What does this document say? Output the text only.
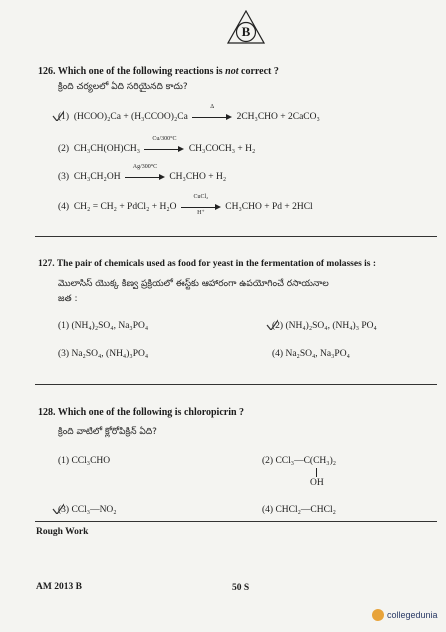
B
126. Which one of the following reactions is not correct ?
క్రింది చర్యలలో ఏది సరియైనది కాదు?
(1) (HCOO)₂Ca + (H₃CCOO)₂Ca
Δ
2CH₃CHO + 2CaCO₃
(2) CH₃CH(OH)CH₃
Cu/300°C
CH₃COCH₃ + H₂
(3) CH₃CH₂OH
Ag/300°C
CH₃CHO + H₂
(4) CH₂ = CH₂ + PdCl₂ + H₂O
CuCl₂
H⁺
CH₃CHO + Pd + 2HCl
127. The pair of chemicals used as food for yeast in the fermentation of molasses is :
మొలాసిస్ యొక్క కిణ్వ ప్రక్రియలో ఈస్ట్‌కు ఆహారంగా ఉపయోగించే రసాయనాల
జత :
(1) (NH₄)₂SO₄, Na₃PO₄	(2) (NH₄)₂SO₄, (NH₄)₃ PO₄
(3) Na₂SO₄, (NH₄)₃PO₄	(4) Na₂SO₄, Na₃PO₄
128. Which one of the following is chloropicrin ?
క్రింది వాటిలో క్లోరోపిక్రిన్ ఏది?
(1) CCl₃CHO	(2) CCl₃—C(CH₃)₂
OH
(3) CCl₃—NO₂	(4) CHCl₂—CHCl₂
Rough Work
AM 2013 B	50 S
collegedunia
